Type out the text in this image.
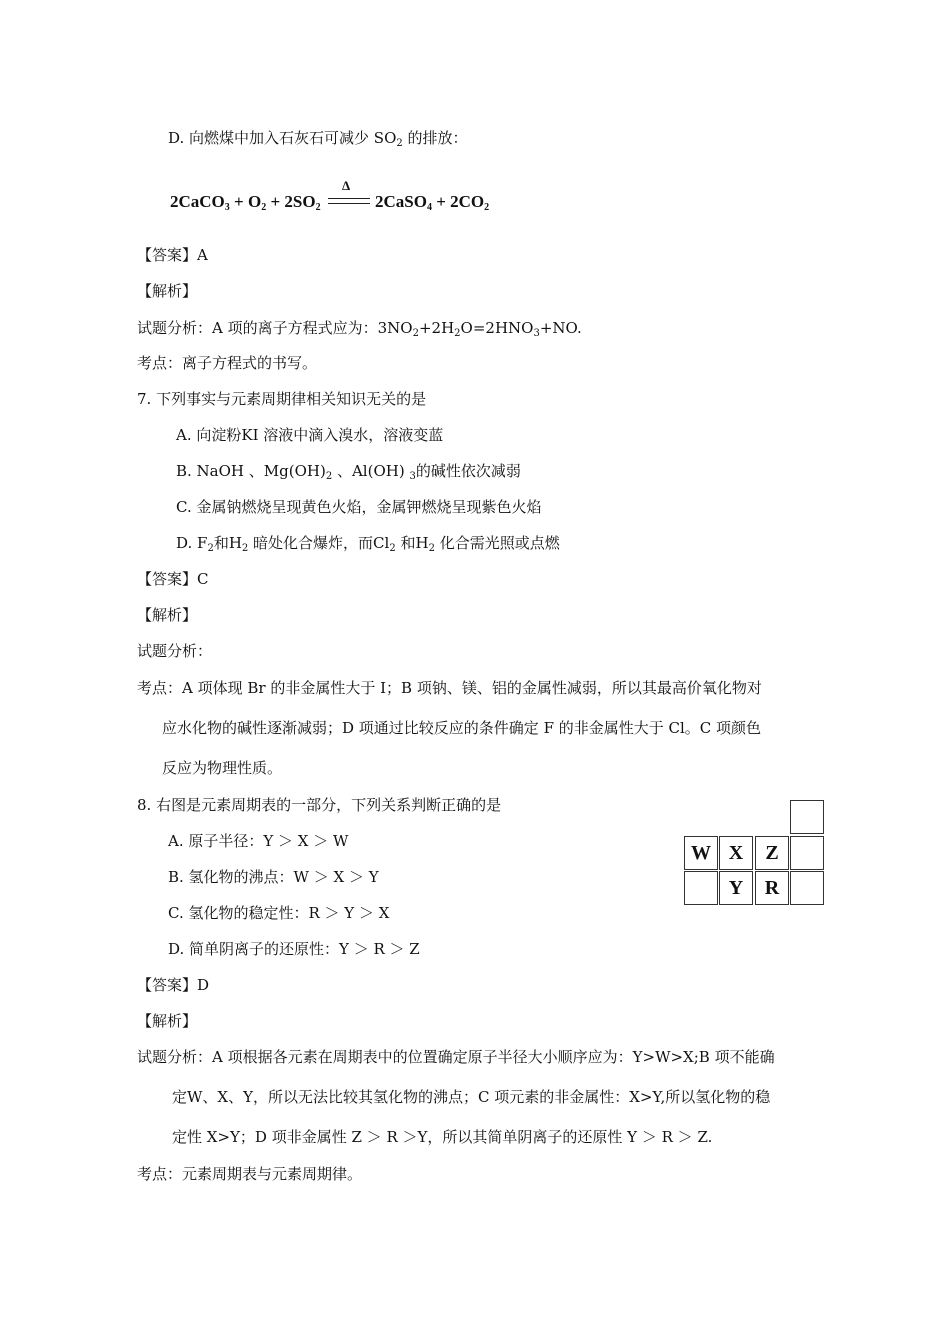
D. 向燃煤中加入石灰石可减少 $SO_2$ 的排放：
2CaCO$_3$ + $O_2 + 2SO_2$
Δ
2CaSO$_4$ + $2CO_2$
【答案】A
【解析】
试题分析：A 项的离子方程式应为：$3NO_2+2H_2O=2HNO_3+NO$.
考点：离子方程式的书写。
7. 下列事实与元素周期律相关知识无关的是
A. 向淀粉KI 溶液中滴入溴水，溶液变蓝
B. NaOH 、$Mg(OH)_2$ 、Al(OH) $_3$的碱性依次减弱
C. 金属钠燃烧呈现黄色火焰，金属钾燃烧呈现紫色火焰
D. $F_2$和$H_2$ 暗处化合爆炸，而$Cl_2$ 和$H_2$ 化合需光照或点燃
【答案】C
【解析】
试题分析：
考点：A 项体现 Br 的非金属性大于 I；B 项钠、镁、铝的金属性减弱，所以其最高价氧化物对
应水化物的碱性逐渐减弱；D 项通过比较反应的条件确定 F 的非金属性大于 Cl。C 项颜色
反应为物理性质。
8. 右图是元素周期表的一部分，下列关系判断正确的是
A. 原子半径：Y ＞ X ＞ W
B. 氢化物的沸点：W ＞ X ＞ Y
C. 氢化物的稳定性：R ＞ Y ＞ X
D. 简单阴离子的还原性：Y ＞ R ＞ Z
W X	Z
Y	R
【答案】D
【解析】
试题分析：A 项根据各元素在周期表中的位置确定原子半径大小顺序应为：Y>W>X;B 项不能确
定W、X、Y，所以无法比较其氢化物的沸点；C 项元素的非金属性：X>Y,所以氢化物的稳
定性 X>Y；D 项非金属性 Z ＞ R ＞Y，所以其简单阴离子的还原性 Y ＞ R ＞ Z.
考点：元素周期表与元素周期律。
